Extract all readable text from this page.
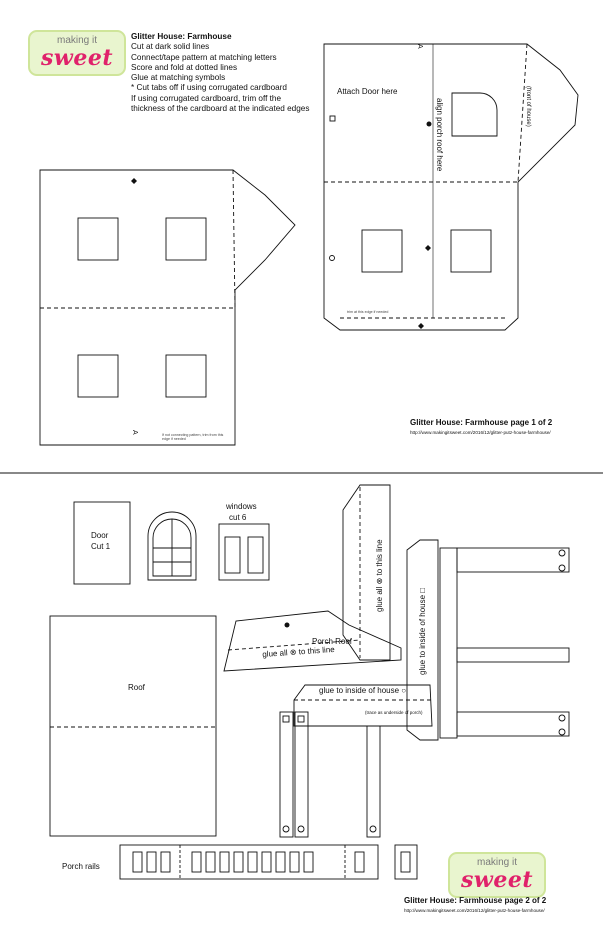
making it
sweet
making it
sweet
Glitter House: Farmhouse
Cut at dark solid lines
Connect/tape pattern at matching letters
Score and fold at dotted lines
Glue at matching symbols
* Cut tabs off if using corrugated cardboard
If using corrugated cardboard, trim off the
thickness of the cardboard at the indicated edges
Attach Door here
align porch roof here	(front of house)
trim at this edge if needed
If not connecting pattern, trim from this edge if needed
A
A
Glitter House: Farmhouse page 1 of 2
http://www.makingitsweet.com/2016/12/glitter-putz-house-farmhouse/
Door
Cut 1
windows
cut 6
Roof
Porch Roof
glue all ⊗ to this line
glue all ⊗ to this line
glue to inside of house ○
glue to inside of house □
(trace as underside of porch)
Porch rails
Glitter House: Farmhouse page 2 of 2
http://www.makingitsweet.com/2016/12/glitter-putz-house-farmhouse/
